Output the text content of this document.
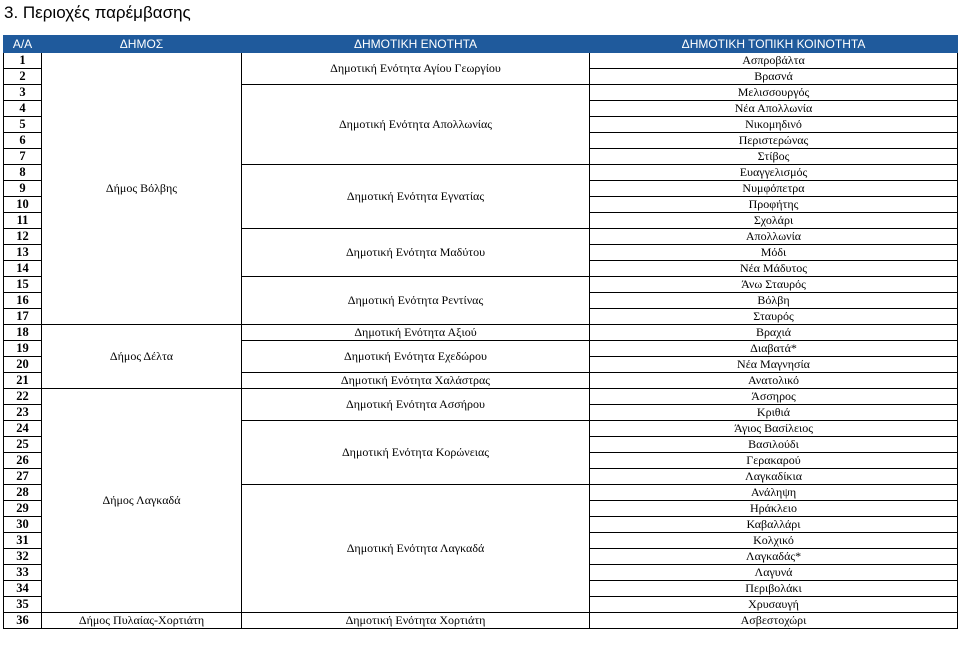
3. Περιοχές παρέμβασης
Α/Α	ΔΗΜΟΣ	ΔΗΜΟΤΙΚΗ ΕΝΟΤΗΤΑ	ΔΗΜΟΤΙΚΗ ΤΟΠΙΚΗ ΚΟΙΝΟΤΗΤΑ
1	Δήμος Βόλβης	Δημοτική Ενότητα Αγίου Γεωργίου	Ασπροβάλτα
2			Βρασνά
3		Δημοτική Ενότητα Απολλωνίας	Μελισσουργός
4			Νέα Απολλωνία
5			Νικομηδινό
6			Περιστερώνας
7			Στίβος
8		Δημοτική Ενότητα Εγνατίας	Ευαγγελισμός
9			Νυμφόπετρα
10			Προφήτης
11			Σχολάρι
12		Δημοτική Ενότητα Μαδύτου	Απολλωνία
13			Μόδι
14			Νέα Μάδυτος
15		Δημοτική Ενότητα Ρεντίνας	Άνω Σταυρός
16			Βόλβη
17			Σταυρός
18	Δήμος Δέλτα	Δημοτική Ενότητα Αξιού	Βραχιά
19		Δημοτική Ενότητα Εχεδώρου	Διαβατά*
20			Νέα Μαγνησία
21		Δημοτική Ενότητα Χαλάστρας	Ανατολικό
22	Δήμος Λαγκαδά	Δημοτική Ενότητα Ασσήρου	Άσσηρος
23			Κριθιά
24		Δημοτική Ενότητα Κορώνειας	Άγιος Βασίλειος
25			Βασιλούδι
26			Γερακαρού
27			Λαγκαδίκια
28		Δημοτική Ενότητα Λαγκαδά	Ανάληψη
29			Ηράκλειο
30			Καβαλλάρι
31			Κολχικό
32			Λαγκαδάς*
33			Λαγυνά
34			Περιβολάκι
35			Χρυσαυγή
36	Δήμος Πυλαίας-Χορτιάτη	Δημοτική Ενότητα Χορτιάτη	Ασβεστοχώρι
